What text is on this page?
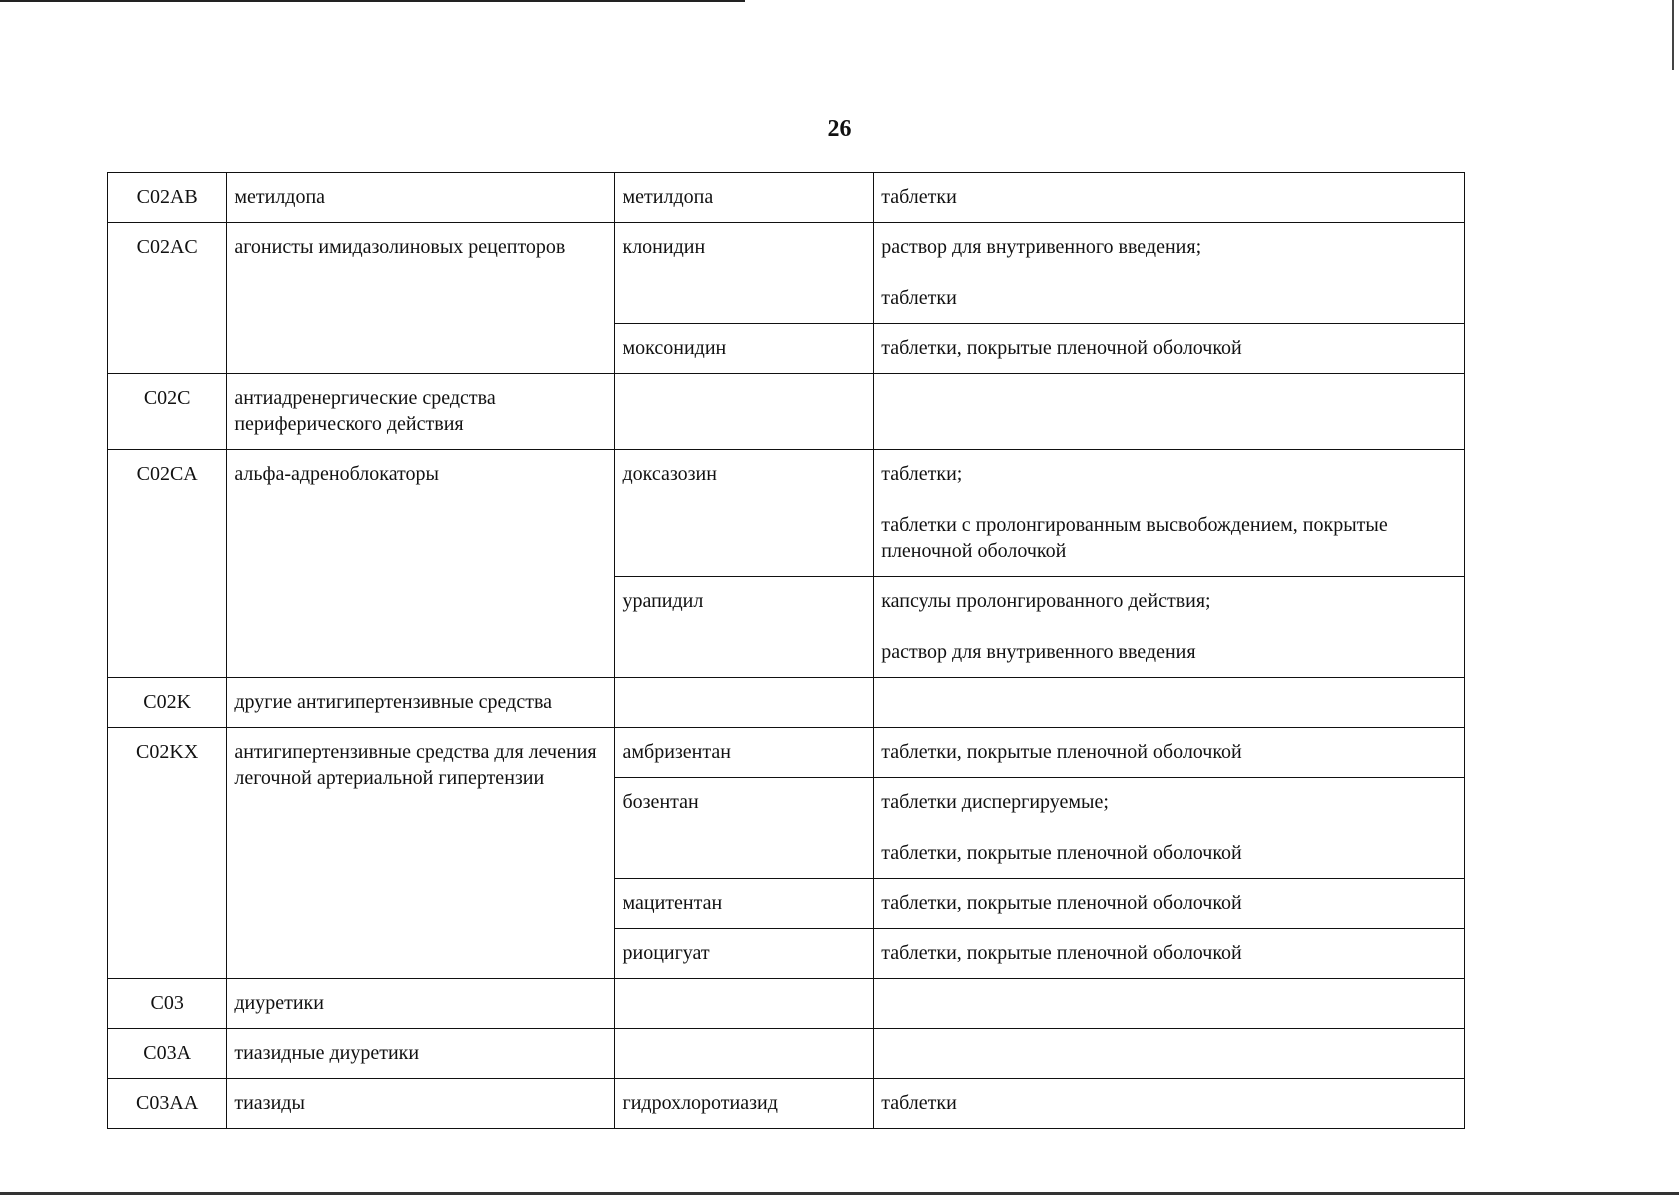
26
C02AB	метилдопа	метилдопа	таблетки

C02AC	агонисты имидазолиновых рецепторов	клонидин	раствор для внутривенного введения;
таблетки

		моксонидин	таблетки, покрытые пленочной оболочкой

C02C	антиадренергические средства периферического действия		
C02CA	альфа-адреноблокаторы	доксазозин	таблетки;
таблетки с пролонгированным высвобождением, покрытые пленочной оболочкой

		урапидил	капсулы пролонгированного действия;
раствор для внутривенного введения

C02K	другие антигипертензивные средства		
C02KX	антигипертензивные средства для лечения легочной артериальной гипертензии	амбризентан	таблетки, покрытые пленочной оболочкой

		бозентан	таблетки диспергируемые;
таблетки, покрытые пленочной оболочкой

		мацитентан	таблетки, покрытые пленочной оболочкой

		риоцигуат	таблетки, покрытые пленочной оболочкой

C03	диуретики		
C03A	тиазидные диуретики		
C03AA	тиазиды	гидрохлоротиазид	таблетки
